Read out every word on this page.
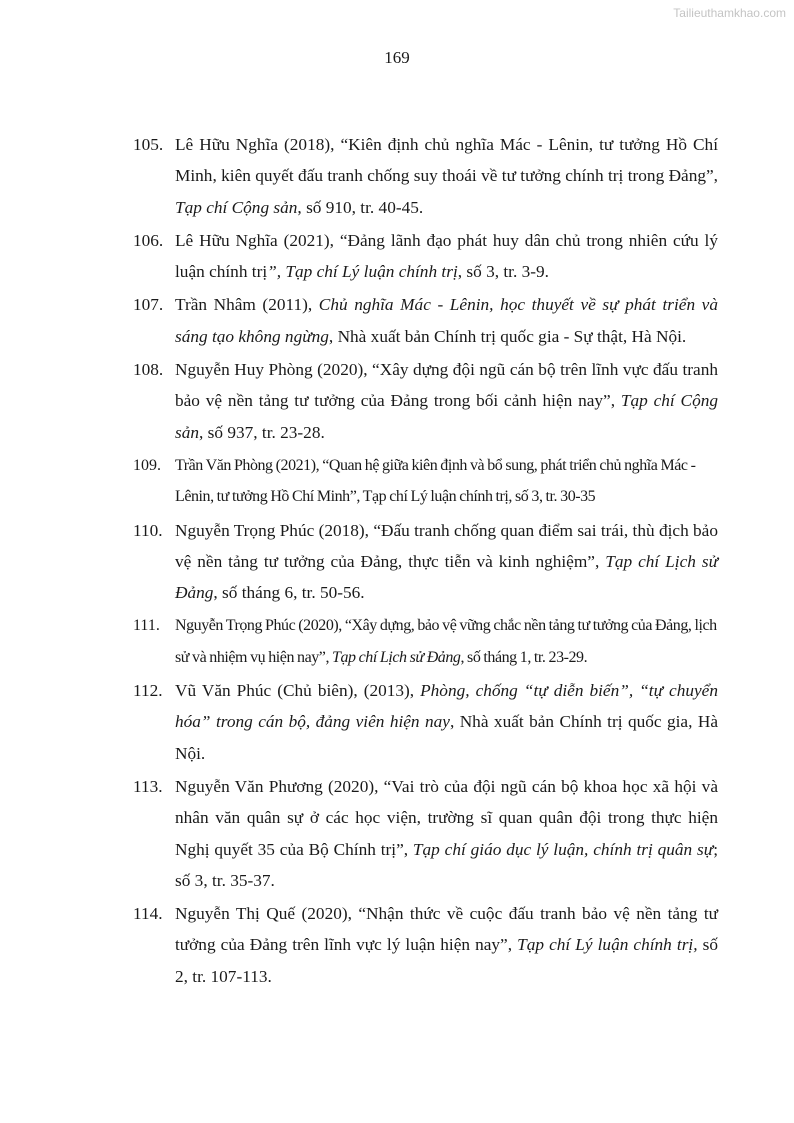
Tailieuthamkhao.com
169
105. Lê Hữu Nghĩa (2018), “Kiên định chủ nghĩa Mác - Lênin, tư tưởng Hồ Chí Minh, kiên quyết đấu tranh chống suy thoái về tư tưởng chính trị trong Đảng”, Tạp chí Cộng sản, số 910, tr. 40-45.
106. Lê Hữu Nghĩa (2021), “Đảng lãnh đạo phát huy dân chủ trong nhiên cứu lý luận chính trị”, Tạp chí Lý luận chính trị, số 3, tr. 3-9.
107. Trần Nhâm (2011), Chủ nghĩa Mác - Lênin, học thuyết về sự phát triển và sáng tạo không ngừng, Nhà xuất bản Chính trị quốc gia - Sự thật, Hà Nội.
108. Nguyễn Huy Phòng (2020), “Xây dựng đội ngũ cán bộ trên lĩnh vực đấu tranh bảo vệ nền tảng tư tưởng của Đảng trong bối cảnh hiện nay”, Tạp chí Cộng sản, số 937, tr. 23-28.
109. Trần Văn Phòng (2021), “Quan hệ giữa kiên định và bổ sung, phát triển chủ nghĩa Mác - Lênin, tư tưởng Hồ Chí Minh”, Tạp chí Lý luận chính trị, số 3, tr. 30-35
110. Nguyễn Trọng Phúc (2018), “Đấu tranh chống quan điểm sai trái, thù địch bảo vệ nền tảng tư tưởng của Đảng, thực tiễn và kinh nghiệm”, Tạp chí Lịch sử Đảng, số tháng 6, tr. 50-56.
111. Nguyễn Trọng Phúc (2020), “Xây dựng, bảo vệ vững chắc nền tảng tư tưởng của Đảng, lịch sử và nhiệm vụ hiện nay”, Tạp chí Lịch sử Đảng, số tháng 1, tr. 23-29.
112. Vũ Văn Phúc (Chủ biên), (2013), Phòng, chống “tự diễn biến”, “tự chuyển hóa” trong cán bộ, đảng viên hiện nay, Nhà xuất bản Chính trị quốc gia, Hà Nội.
113. Nguyễn Văn Phương (2020), “Vai trò của đội ngũ cán bộ khoa học xã hội và nhân văn quân sự ở các học viện, trường sĩ quan quân đội trong thực hiện Nghị quyết 35 của Bộ Chính trị”, Tạp chí giáo dục lý luận, chính trị quân sự; số 3, tr. 35-37.
114. Nguyễn Thị Quế (2020), “Nhận thức về cuộc đấu tranh bảo vệ nền tảng tư tưởng của Đảng trên lĩnh vực lý luận hiện nay”, Tạp chí Lý luận chính trị, số 2, tr. 107-113.
